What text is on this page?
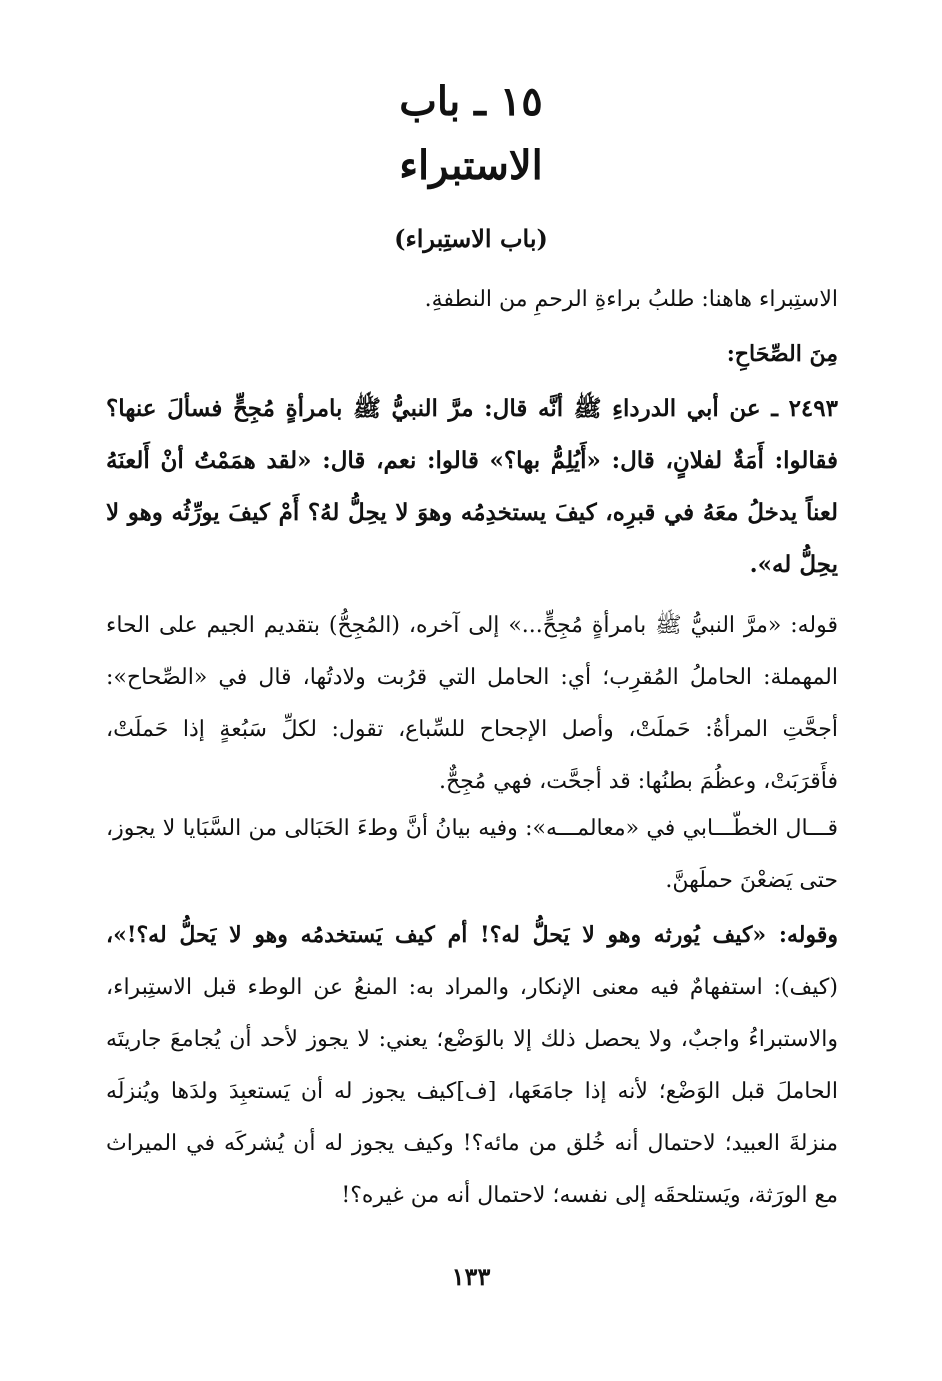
١٥ ـ باب
الاستبراء
(باب الاستِبراء)
الاستِبراء هاهنا: طلبُ براءةِ الرحمِ من النطفةِ.
مِنَ الصِّحَاحِ:
٢٤٩٣ ـ عن أبي الدرداءِ ﷺ أنَّه قال: مرَّ النبيُّ ﷺ بامرأةٍ مُجِحٍّ فسألَ عنها؟ فقالوا: أَمَةٌ لفلانٍ، قال: «أَيُلِمُّ بها؟» قالوا: نعم، قال: «لقد همَمْتُ أنْ أَلعنَهُ لعناً يدخلُ معَهُ في قبرِه، كيفَ يستخدِمُه وهوَ لا يحِلُّ لهُ؟ أَمْ كيفَ يورِّثُه وهو لا يحِلُّ له».
قوله: «مرَّ النبيُّ ﷺ بامرأةٍ مُجِحٍّ...» إلى آخره، (المُجِحُّ) بتقديم الجيم على الحاء المهملة: الحاملُ المُقرِب؛ أي: الحامل التي قرُبت ولادتُها، قال في «الصِّحاح»: أجحَّتِ المرأةُ: حَملَتْ، وأصل الإجحاح للسِّباع، تقول: لكلِّ سَبُعةٍ إذا حَملَتْ، فأَقرَبَتْ، وعظُمَ بطنُها: قد أجحَّت، فهي مُجِحٌّ.
قـــال الخطّـــابي في «معالمـــه»: وفيه بيانُ أنَّ وطءَ الحَبَالى من السَّبَايا لا يجوز، حتى يَضعْنَ حملَهنَّ.
وقوله: «كيف يُورثه وهو لا يَحلُّ له؟! أم كيف يَستخدمُه وهو لا يَحلُّ له؟!»، (كيف): استفهامٌ فيه معنى الإنكار، والمراد به: المنعُ عن الوطء قبل الاستِبراء، والاستبراءُ واجبٌ، ولا يحصل ذلك إلا بالوَضْع؛ يعني: لا يجوز لأحد أن يُجامعَ جاريتَه الحاملَ قبل الوَضْع؛ لأنه إذا جامَعَها، [ف]كيف يجوز له أن يَستعبِدَ ولدَها ويُنزلَه منزلةَ العبيد؛ لاحتمال أنه خُلق من مائه؟! وكيف يجوز له أن يُشركَه في الميراث مع الورَثة، ويَستلحقَه إلى نفسه؛ لاحتمال أنه من غيره؟!
١٣٣
